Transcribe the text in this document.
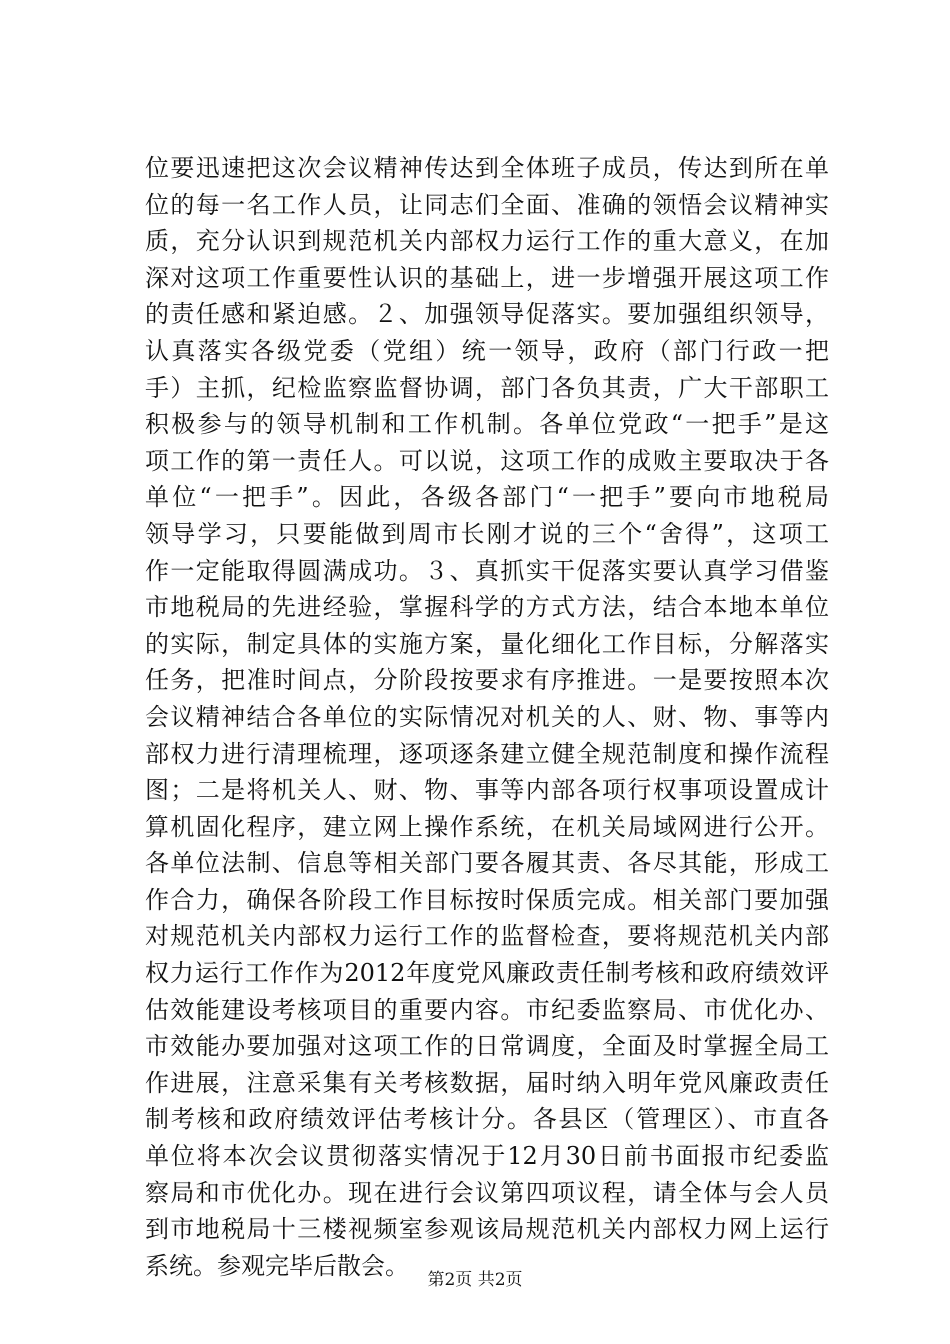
位要迅速把这次会议精神传达到全体班子成员，传达到所在单
位的每一名工作人员，让同志们全面、准确的领悟会议精神实
质，充分认识到规范机关内部权力运行工作的重大意义，在加
深对这项工作重要性认识的基础上，进一步增强开展这项工作
的责任感和紧迫感。２、加强领导促落实。要加强组织领导，
认真落实各级党委（党组）统一领导，政府（部门行政一把
手）主抓，纪检监察监督协调，部门各负其责，广大干部职工
积极参与的领导机制和工作机制。各单位党政“一把手”是这
项工作的第一责任人。可以说，这项工作的成败主要取决于各
单位“一把手”。因此，各级各部门“一把手”要向市地税局
领导学习，只要能做到周市长刚才说的三个“舍得”，这项工
作一定能取得圆满成功。３、真抓实干促落实要认真学习借鉴
市地税局的先进经验，掌握科学的方式方法，结合本地本单位
的实际，制定具体的实施方案，量化细化工作目标，分解落实
任务，把准时间点，分阶段按要求有序推进。一是要按照本次
会议精神结合各单位的实际情况对机关的人、财、物、事等内
部权力进行清理梳理，逐项逐条建立健全规范制度和操作流程
图；二是将机关人、财、物、事等内部各项行权事项设置成计
算机固化程序，建立网上操作系统，在机关局域网进行公开。
各单位法制、信息等相关部门要各履其责、各尽其能，形成工
作合力，确保各阶段工作目标按时保质完成。相关部门要加强
对规范机关内部权力运行工作的监督检查，要将规范机关内部
权力运行工作作为2012年度党风廉政责任制考核和政府绩效评
估效能建设考核项目的重要内容。市纪委监察局、市优化办、
市效能办要加强对这项工作的日常调度，全面及时掌握全局工
作进展，注意采集有关考核数据，届时纳入明年党风廉政责任
制考核和政府绩效评估考核计分。各县区（管理区）、市直各
单位将本次会议贯彻落实情况于12月30日前书面报市纪委监
察局和市优化办。现在进行会议第四项议程，请全体与会人员
到市地税局十三楼视频室参观该局规范机关内部权力网上运行
系统。参观完毕后散会。
第2页 共2页
